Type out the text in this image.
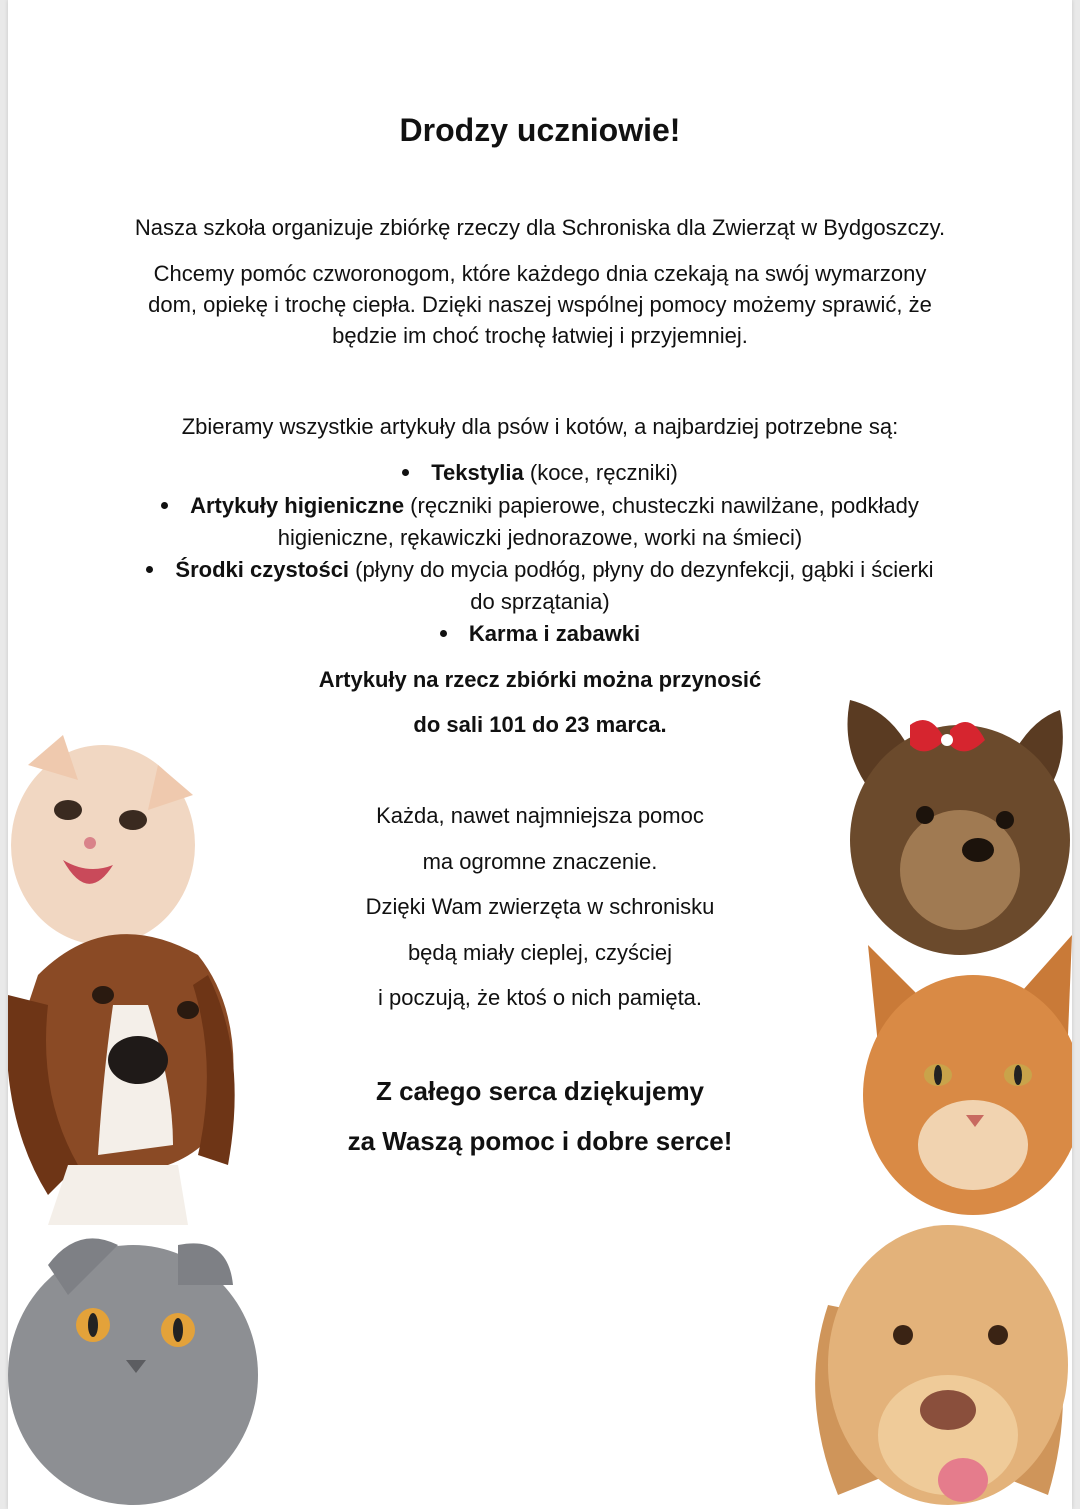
Drodzy uczniowie!
Nasza szkoła organizuje zbiórkę rzeczy dla Schroniska dla Zwierząt w Bydgoszczy.
Chcemy pomóc czworonogom, które każdego dnia czekają na swój wymarzony
dom, opiekę i trochę ciepła. Dzięki naszej wspólnej pomocy możemy sprawić, że
będzie im choć trochę łatwiej i przyjemniej.
Zbieramy wszystkie artykuły dla psów i kotów, a najbardziej potrzebne są:
Tekstylia (koce, ręczniki)
Artykuły higieniczne (ręczniki papierowe, chusteczki nawilżane, podkłady
higieniczne, rękawiczki jednorazowe, worki na śmieci)
Środki czystości (płyny do mycia podłóg, płyny do dezynfekcji, gąbki i ścierki
do sprzątania)
Karma i zabawki
Artykuły na rzecz zbiórki można przynosić
do sali 101 do 23 marca.
Każda, nawet najmniejsza pomoc
ma ogromne znaczenie.
Dzięki Wam zwierzęta w schronisku
będą miały cieplej, czyściej
i poczują, że ktoś o nich pamięta.
Z całego serca dziękujemy
za Waszą pomoc i dobre serce!
